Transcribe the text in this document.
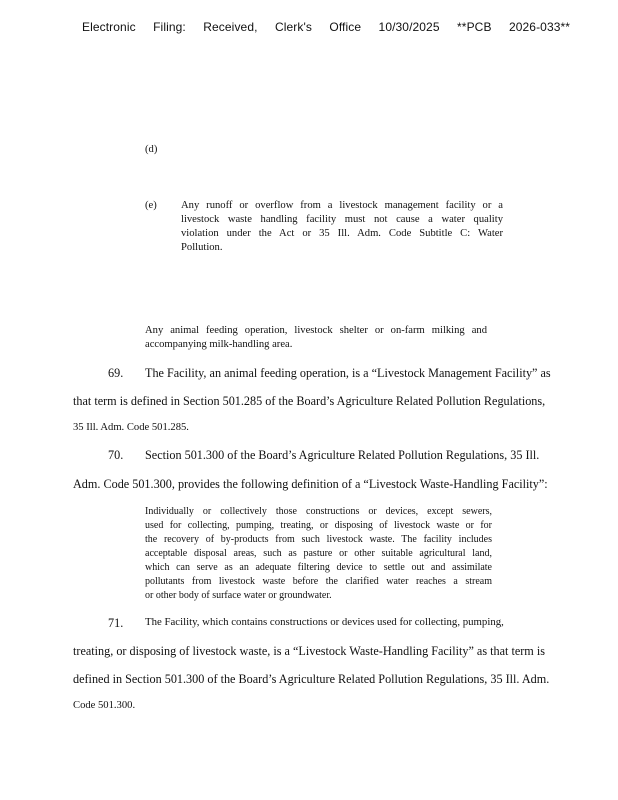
Electronic Filing: Received, Clerk's Office 10/30/2025 **PCB 2026-033**
(d)
(e) Any runoff or overflow from a livestock management facility or a
livestock waste handling facility must not cause a water quality
violation under the Act or 35 Ill. Adm. Code Subtitle C: Water
Pollution.
Any animal feeding operation, livestock shelter or on-farm milking and
accompanying milk-handling area.
69. The Facility, an animal feeding operation, is a “Livestock Management Facility” as
that term is defined in Section 501.285 of the Board’s Agriculture Related Pollution Regulations,
35 Ill. Adm. Code 501.285.
70. Section 501.300 of the Board’s Agriculture Related Pollution Regulations, 35 Ill.
Adm. Code 501.300, provides the following definition of a “Livestock Waste-Handling Facility”:
Individually or collectively those constructions or devices, except sewers,
used for collecting, pumping, treating, or disposing of livestock waste or for
the recovery of by-products from such livestock waste. The facility includes
acceptable disposal areas, such as pasture or other suitable agricultural land,
which can serve as an adequate filtering device to settle out and assimilate
pollutants from livestock waste before the clarified water reaches a stream
or other body of surface water or groundwater.
71. The Facility, which contains constructions or devices used for collecting, pumping,
treating, or disposing of livestock waste, is a “Livestock Waste-Handling Facility” as that term is
defined in Section 501.300 of the Board’s Agriculture Related Pollution Regulations, 35 Ill. Adm.
Code 501.300.
